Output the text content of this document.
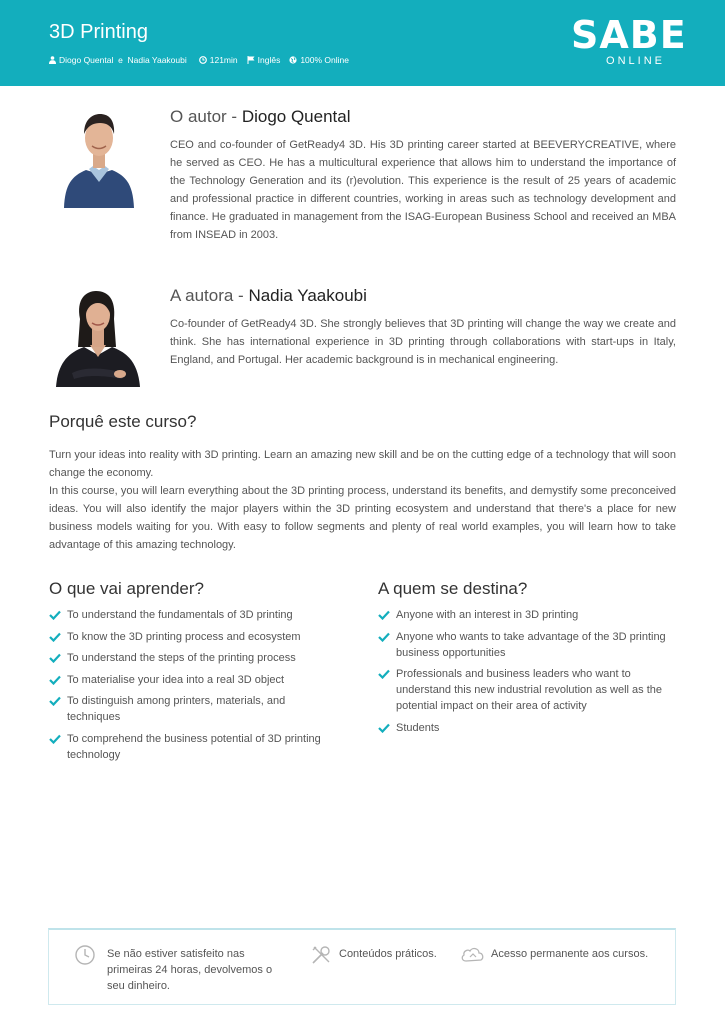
3D Printing
Diogo Quental  e  Nadia Yaakoubi	121min Inglês 100% Online
SABE
ONLINE
O autor - Diogo Quental
CEO and co-founder of GetReady4 3D. His 3D printing career started at BEEVERYCREATIVE, where he served as CEO. He has a multicultural experience that allows him to understand the importance of the Technology Generation and its (r)evolution. This experience is the result of 25 years of academic and professional practice in different countries, working in areas such as technology development and finance. He graduated in management from the ISAG-European Business School and received an MBA from INSEAD in 2003.
A autora - Nadia Yaakoubi
Co-founder of GetReady4 3D. She strongly believes that 3D printing will change the way we create and think. She has international experience in 3D printing through collaborations with start-ups in Italy, England, and Portugal. Her academic background is in mechanical engineering.
Porquê este curso?
Turn your ideas into reality with 3D printing. Learn an amazing new skill and be on the cutting edge of a technology that will soon change the economy.
In this course, you will learn everything about the 3D printing process, understand its benefits, and demystify some preconceived ideas. You will also identify the major players within the 3D printing ecosystem and understand that there's a place for new business models waiting for you. With easy to follow segments and plenty of real world examples, you will learn how to take advantage of this amazing technology.
O que vai aprender?
To understand the fundamentals of 3D printing
To know the 3D printing process and ecosystem
To understand the steps of the printing process
To materialise your idea into a real 3D object
To distinguish among printers, materials, and techniques
To comprehend the business potential of 3D printing technology
A quem se destina?
Anyone with an interest in 3D printing
Anyone who wants to take advantage of the 3D printing business opportunities
Professionals and business leaders who want to understand this new industrial revolution as well as the potential impact on their area of activity
Students
Se não estiver satisfeito nas primeiras 24 horas, devolvemos o seu dinheiro.
Conteúdos práticos.	Acesso permanente aos cursos.
